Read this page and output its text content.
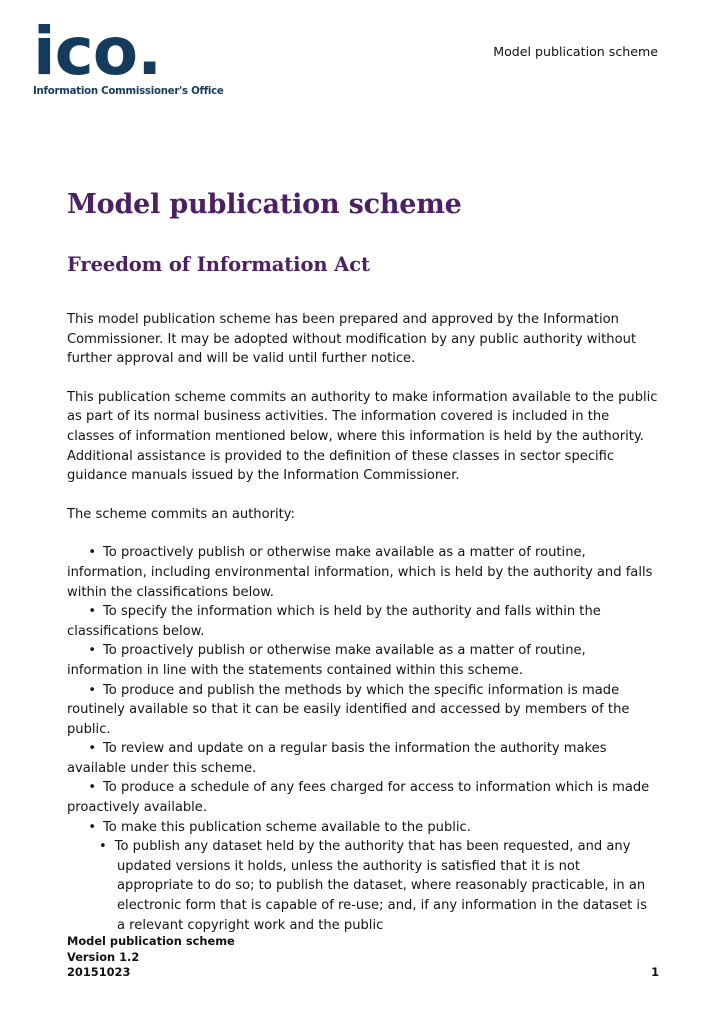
ico.
Information Commissioner's Office
Model publication scheme
Model publication scheme
Freedom of Information Act

This model publication scheme has been prepared and approved by the Information Commissioner. It may be adopted without modification by any public authority without further approval and will be valid until further notice.

This publication scheme commits an authority to make information available to the public as part of its normal business activities. The information covered is included in the classes of information mentioned below, where this information is held by the authority. Additional assistance is provided to the definition of these classes in sector specific guidance manuals issued by the Information Commissioner.

The scheme commits an authority:

• To proactively publish or otherwise make available as a matter of routine, information, including environmental information, which is held by the authority and falls within the classifications below.
• To specify the information which is held by the authority and falls within the classifications below.
• To proactively publish or otherwise make available as a matter of routine, information in line with the statements contained within this scheme.
• To produce and publish the methods by which the specific information is made routinely available so that it can be easily identified and accessed by members of the public.
• To review and update on a regular basis the information the authority makes available under this scheme.
• To produce a schedule of any fees charged for access to information which is made proactively available.
• To make this publication scheme available to the public.
• To publish any dataset held by the authority that has been requested, and any updated versions it holds, unless the authority is satisfied that it is not appropriate to do so; to publish the dataset, where reasonably practicable, in an electronic form that is capable of re-use; and, if any information in the dataset is a relevant copyright work and the public
Model publication scheme
Version 1.2
20151023	1
